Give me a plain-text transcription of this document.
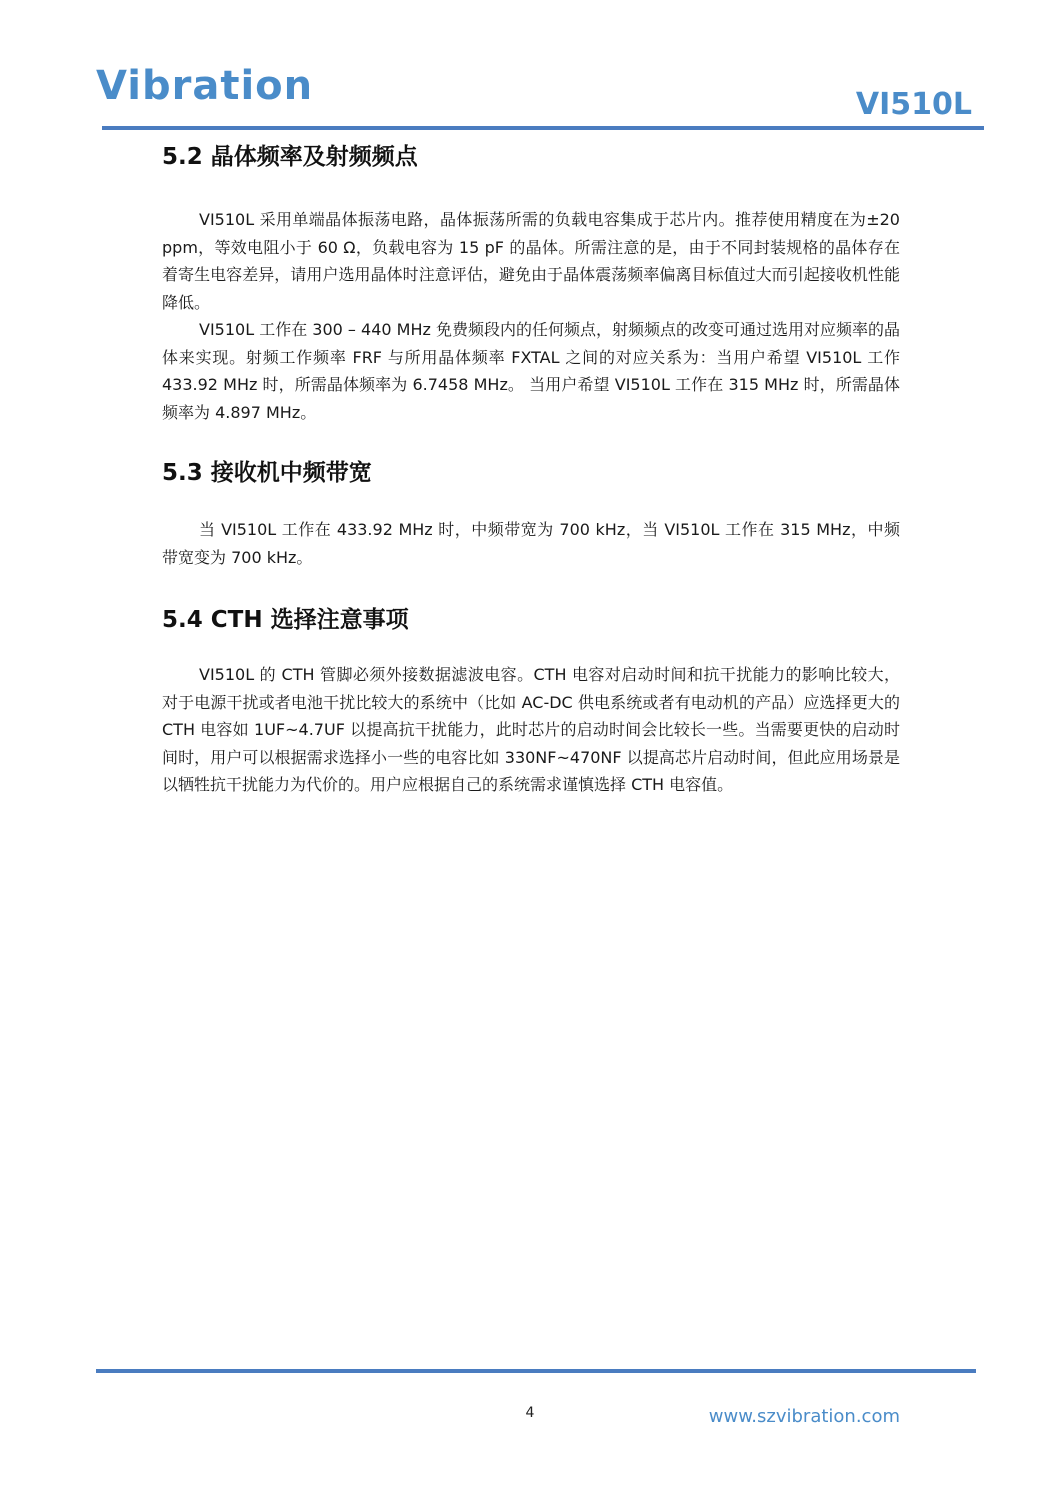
Vibration	VI510L
5.2 晶体频率及射频频点

VI510L 采用单端晶体振荡电路，晶体振荡所需的负载电容集成于芯片内。推荐使用精度在为±20 ppm，等效电阻小于 60 Ω，负载电容为 15 pF 的晶体。所需注意的是，由于不同封装规格的晶体存在着寄生电容差异，请用户选用晶体时注意评估，避免由于晶体震荡频率偏离目标值过大而引起接收机性能降低。

VI510L 工作在 300 – 440 MHz 免费频段内的任何频点，射频频点的改变可通过选用对应频率的晶体来实现。射频工作频率 FRF 与所用晶体频率 FXTAL 之间的对应关系为：当用户希望 VI510L 工作 433.92 MHz 时，所需晶体频率为 6.7458 MHz。 当用户希望 VI510L 工作在 315 MHz 时，所需晶体频率为 4.897 MHz。

5.3 接收机中频带宽

当 VI510L 工作在 433.92 MHz 时，中频带宽为 700 kHz，当 VI510L 工作在 315 MHz，中频带宽变为 700 kHz。

5.4 CTH 选择注意事项

VI510L 的 CTH 管脚必须外接数据滤波电容。CTH 电容对启动时间和抗干扰能力的影响比较大，对于电源干扰或者电池干扰比较大的系统中（比如 AC-DC 供电系统或者有电动机的产品）应选择更大的 CTH 电容如 1UF~4.7UF 以提高抗干扰能力，此时芯片的启动时间会比较长一些。当需要更快的启动时间时，用户可以根据需求选择小一些的电容比如 330NF~470NF 以提高芯片启动时间，但此应用场景是以牺牲抗干扰能力为代价的。用户应根据自己的系统需求谨慎选择 CTH 电容值。

4	www.szvibration.com
